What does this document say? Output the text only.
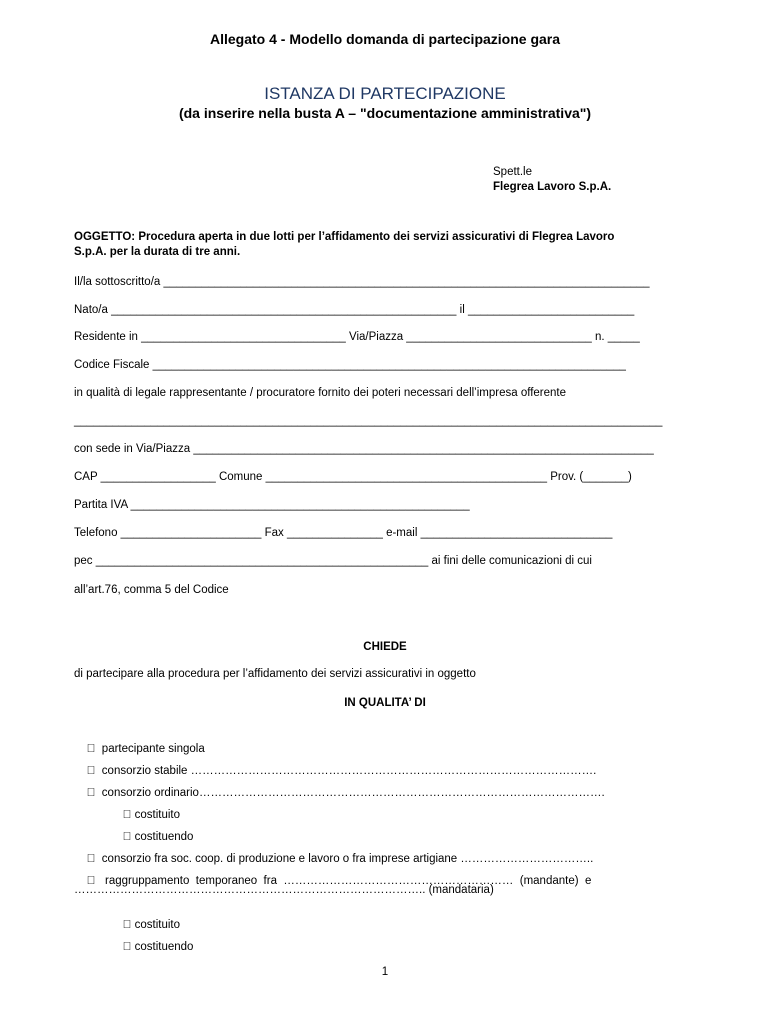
Allegato 4 - Modello domanda di partecipazione gara
ISTANZA DI PARTECIPAZIONE
(da inserire nella busta A – "documentazione amministrativa")
Spett.le
Flegrea Lavoro S.p.A.
OGGETTO: Procedura aperta in due lotti per l’affidamento dei servizi assicurativi di Flegrea Lavoro
S.p.A. per la durata di tre anni.
Il/la sottoscritto/a ____________________________________________________________________________
Nato/a ______________________________________________________ il __________________________
Residente in ________________________________ Via/Piazza _____________________________ n. _____
Codice Fiscale __________________________________________________________________________
in qualità di legale rappresentante / procuratore fornito dei poteri necessari dell’impresa offerente
____________________________________________________________________________________________
con sede in Via/Piazza ________________________________________________________________________
CAP __________________ Comune ____________________________________________ Prov. (_______)
Partita IVA _____________________________________________________
Telefono ______________________ Fax _______________ e-mail ______________________________
pec ____________________________________________________ ai fini delle comunicazioni di cui
all’art.76, comma 5 del Codice
CHIEDE
di partecipare alla procedura per l’affidamento dei servizi assicurativi in oggetto
IN QUALITA’ DI

partecipante singola

consorzio stabile …………………………………………………………………………………………….

consorzio ordinario…………………………………………………………………………………………….

costituito

costituendo

consorzio fra soc. coop. di produzione e lavoro o fra imprese artigiane ……………………………..

raggruppamento  temporaneo  fra  ……………………………………………………  (mandante)  e

……………………………………………………………………………….. (mandataria)

costituito

costituendo

1
